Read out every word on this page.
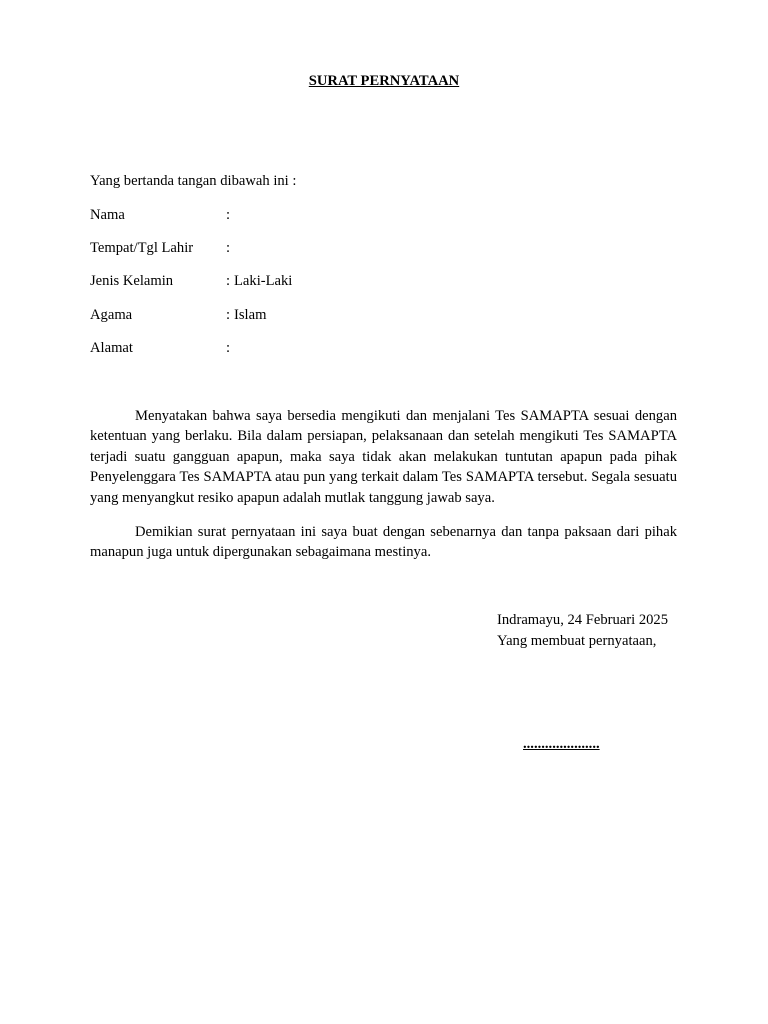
SURAT PERNYATAAN
Yang bertanda tangan dibawah ini :
Nama	:
Tempat/Tgl Lahir :
Jenis Kelamin	: Laki-Laki
Agama	: Islam
Alamat	:

Menyatakan bahwa saya bersedia mengikuti dan menjalani Tes SAMAPTA sesuai dengan ketentuan yang berlaku. Bila dalam persiapan, pelaksanaan dan setelah mengikuti Tes SAMAPTA terjadi suatu gangguan apapun, maka saya tidak akan melakukan tuntutan apapun pada pihak Penyelenggara Tes SAMAPTA atau pun yang terkait dalam Tes SAMAPTA tersebut. Segala sesuatu yang menyangkut resiko apapun adalah mutlak tanggung jawab saya.

Demikian surat pernyataan ini saya buat dengan sebenarnya dan tanpa paksaan dari pihak manapun juga untuk dipergunakan sebagaimana mestinya.

Indramayu, 24 Februari 2025
Yang membuat pernyataan,
.....................
